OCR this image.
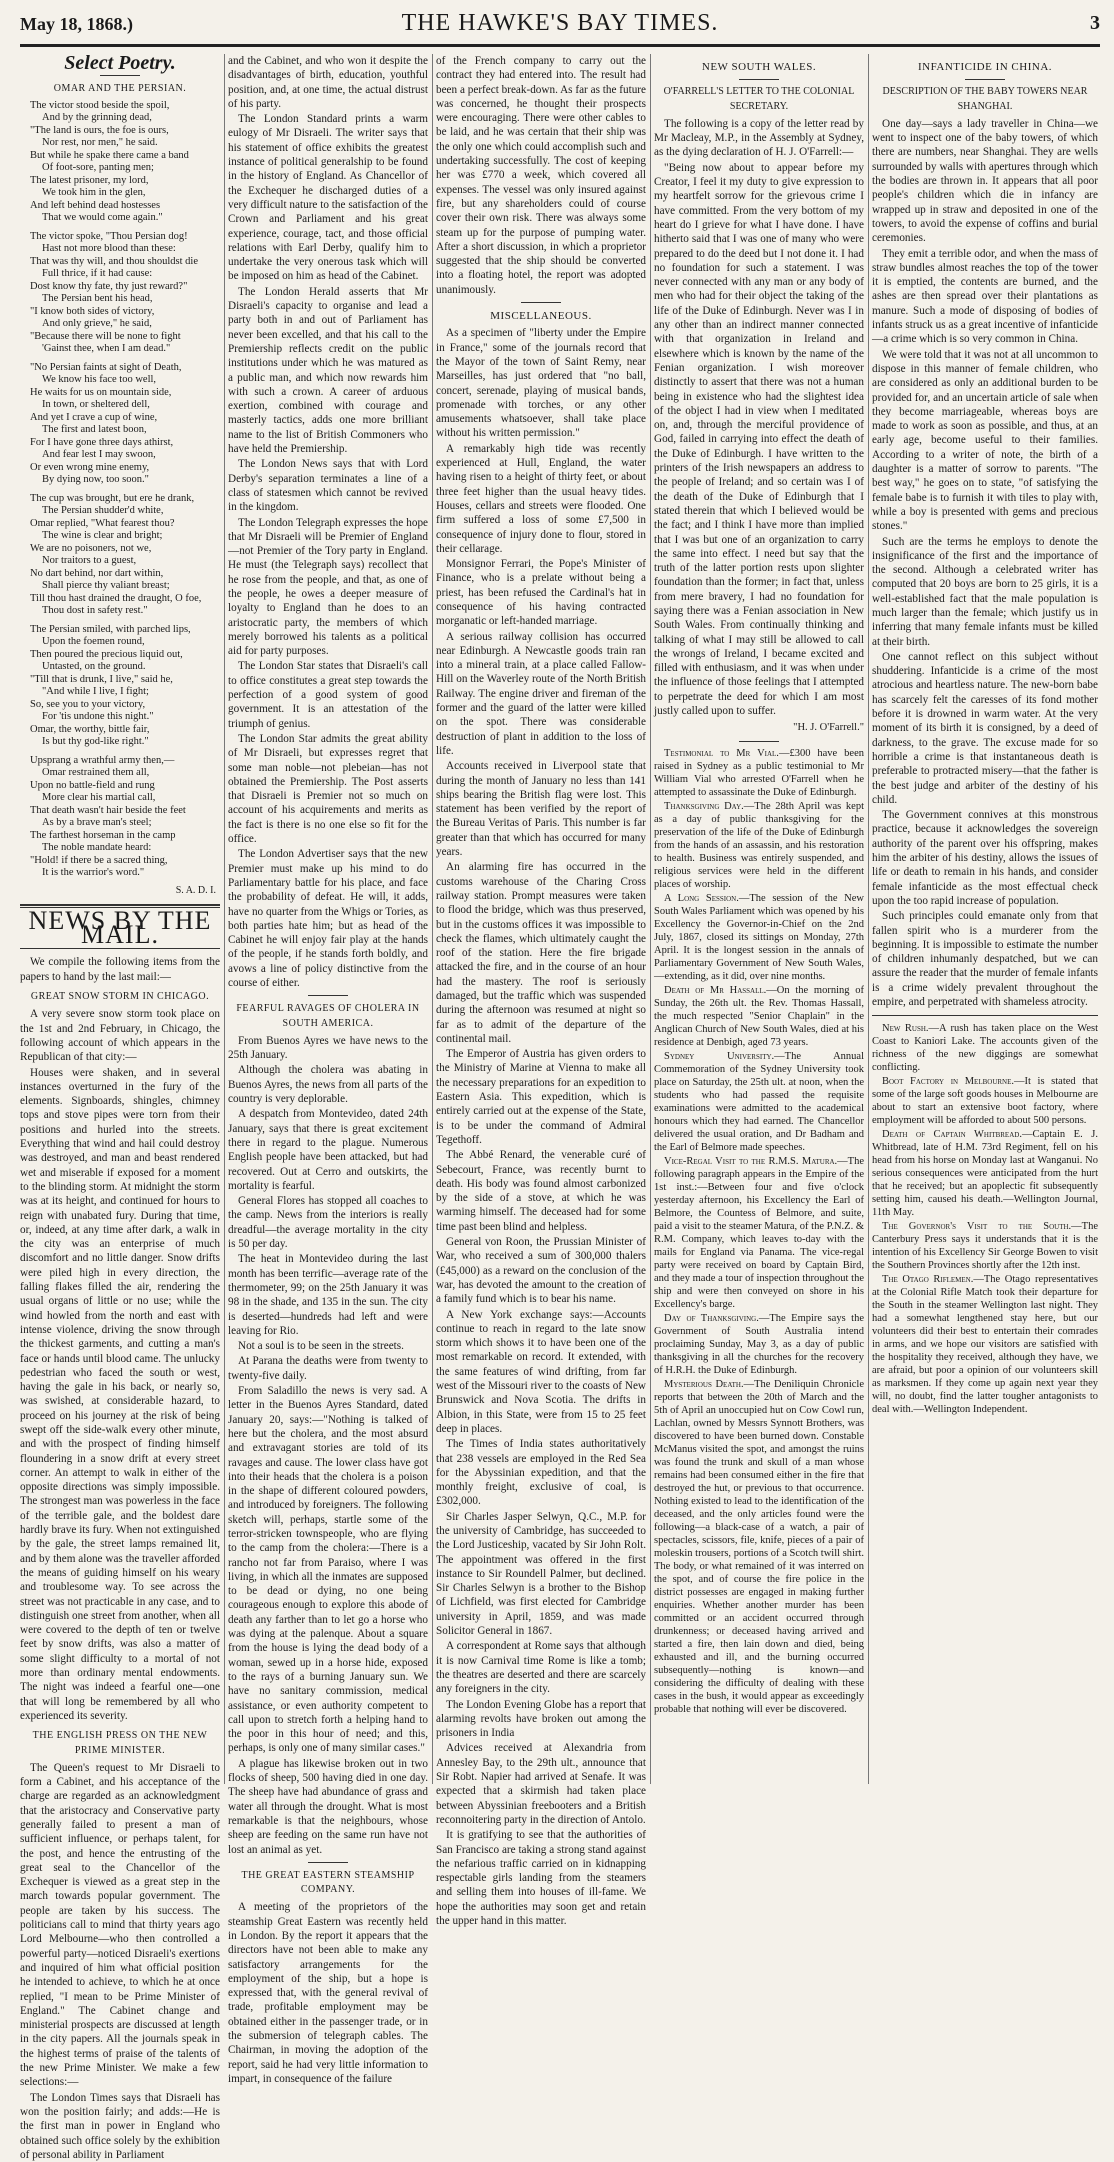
May 18, 1868.)	THE HAWKE'S BAY TIMES.	3
Select Poetry.
OMAR AND THE PERSIAN.
The victor stood beside the spoil,
And by the grinning dead,
"The land is ours, the foe is ours,
Nor rest, nor men," he said.
But while he spake there came a band
Of foot-sore, panting men;
The latest prisoner, my lord,
We took him in the glen,
And left behind dead hostesses
That we would come again."
The victor spoke, "Thou Persian dog!
Hast not more blood than these:
That was thy will, and thou shouldst die
Full thrice, if it had cause:
Dost know thy fate, thy just reward?"
The Persian bent his head,
"I know both sides of victory,
And only grieve," he said,
"Because there will be none to fight
'Gainst thee, when I am dead."
"No Persian faints at sight of Death,
We know his face too well,
He waits for us on mountain side,
In town, or sheltered dell,
And yet I crave a cup of wine,
The first and latest boon,
For I have gone three days athirst,
And fear lest I may swoon,
Or even wrong mine enemy,
By dying now, too soon."
The cup was brought, but ere he drank,
The Persian shudder'd white,
Omar replied, "What fearest thou?
The wine is clear and bright;
We are no poisoners, not we,
Nor traitors to a guest,
No dart behind, nor dart within,
Shall pierce thy valiant breast;
Till thou hast drained the draught, O foe,
Thou dost in safety rest."
The Persian smiled, with parched lips,
Upon the foemen round,
Then poured the precious liquid out,
Untasted, on the ground.
"Till that is drunk, I live," said he,
"And while I live, I fight;
So, see you to your victory,
For 'tis undone this night."
Omar, the worthy, bittle fair,
Is but thy god-like right."
Upsprang a wrathful army then,—
Omar restrained them all,
Upon no battle-field and rung
More clear his martial call,
That death wasn't hair beside the feet
As by a brave man's steel;
The farthest horseman in the camp
The noble mandate heard:
"Hold! if there be a sacred thing,
It is the warrior's word."
S. A. D. I.
NEWS BY THE MAIL.

We compile the following items from the papers to hand by the last mail:—

GREAT SNOW STORM IN CHICAGO.

A very severe snow storm took place on the 1st and 2nd February, in Chicago, the following account of which appears in the Republican of that city:—

Houses were shaken, and in several instances overturned in the fury of the elements. Signboards, shingles, chimney tops and stove pipes were torn from their positions and hurled into the streets. Everything that wind and hail could destroy was destroyed, and man and beast rendered wet and miserable if exposed for a moment to the blinding storm. At midnight the storm was at its height, and continued for hours to reign with unabated fury. During that time, or, indeed, at any time after dark, a walk in the city was an enterprise of much discomfort and no little danger. Snow drifts were piled high in every direction, the falling flakes filled the air, rendering the usual organs of little or no use; while the wind howled from the north and east with intense violence, driving the snow through the thickest garments, and cutting a man's face or hands until blood came. The unlucky pedestrian who faced the south or west, having the gale in his back, or nearly so, was swished, at considerable hazard, to proceed on his journey at the risk of being swept off the side-walk every other minute, and with the prospect of finding himself floundering in a snow drift at every street corner. An attempt to walk in either of the opposite directions was simply impossible. The strongest man was powerless in the face of the terrible gale, and the boldest dare hardly brave its fury. When not extinguished by the gale, the street lamps remained lit, and by them alone was the traveller afforded the means of guiding himself on his weary and troublesome way. To see across the street was not practicable in any case, and to distinguish one street from another, when all were covered to the depth of ten or twelve feet by snow drifts, was also a matter of some slight difficulty to a mortal of not more than ordinary mental endowments. The night was indeed a fearful one—one that will long be remembered by all who experienced its severity.

THE ENGLISH PRESS ON THE NEW PRIME MINISTER.

The Queen's request to Mr Disraeli to form a Cabinet, and his acceptance of the charge are regarded as an acknowledgment that the aristocracy and Conservative party generally failed to present a man of sufficient influence, or perhaps talent, for the post, and hence the entrusting of the great seal to the Chancellor of the Exchequer is viewed as a great step in the march towards popular government. The people are taken by his success. The politicians call to mind that thirty years ago Lord Melbourne—who then controlled a powerful party—noticed Disraeli's exertions and inquired of him what official position he intended to achieve, to which he at once replied, "I mean to be Prime Minister of England." The Cabinet change and ministerial prospects are discussed at length in the city papers. All the journals speak in the highest terms of praise of the talents of the new Prime Minister. We make a few selections:—

The London Times says that Disraeli has won the position fairly; and adds:—He is the first man in power in England who obtained such office solely by the exhibition of personal ability in Parliament

and the Cabinet, and who won it despite the disadvantages of birth, education, youthful position, and, at one time, the actual distrust of his party.

The London Standard prints a warm eulogy of Mr Disraeli. The writer says that his statement of office exhibits the greatest instance of political generalship to be found in the history of England. As Chancellor of the Exchequer he discharged duties of a very difficult nature to the satisfaction of the Crown and Parliament and his great experience, courage, tact, and those official relations with Earl Derby, qualify him to undertake the very onerous task which will be imposed on him as head of the Cabinet.

The London Herald asserts that Mr Disraeli's capacity to organise and lead a party both in and out of Parliament has never been excelled, and that his call to the Premiership reflects credit on the public institutions under which he was matured as a public man, and which now rewards him with such a crown. A career of arduous exertion, combined with courage and masterly tactics, adds one more brilliant name to the list of British Commoners who have held the Premiership.

The London News says that with Lord Derby's separation terminates a line of a class of statesmen which cannot be revived in the kingdom.

The London Telegraph expresses the hope that Mr Disraeli will be Premier of England—not Premier of the Tory party in England. He must (the Telegraph says) recollect that he rose from the people, and that, as one of the people, he owes a deeper measure of loyalty to England than he does to an aristocratic party, the members of which merely borrowed his talents as a political aid for party purposes.

The London Star states that Disraeli's call to office constitutes a great step towards the perfection of a good system of good government. It is an attestation of the triumph of genius.

The London Star admits the great ability of Mr Disraeli, but expresses regret that some man noble—not plebeian—has not obtained the Premiership. The Post asserts that Disraeli is Premier not so much on account of his acquirements and merits as the fact is there is no one else so fit for the office.

The London Advertiser says that the new Premier must make up his mind to do Parliamentary battle for his place, and face the probability of defeat. He will, it adds, have no quarter from the Whigs or Tories, as both parties hate him; but as head of the Cabinet he will enjoy fair play at the hands of the people, if he stands forth boldly, and avows a line of policy distinctive from the course of either.

FEARFUL RAVAGES OF CHOLERA IN SOUTH AMERICA.

From Buenos Ayres we have news to the 25th January.

Although the cholera was abating in Buenos Ayres, the news from all parts of the country is very deplorable.

A despatch from Montevideo, dated 24th January, says that there is great excitement there in regard to the plague. Numerous English people have been attacked, but had recovered. Out at Cerro and outskirts, the mortality is fearful.

General Flores has stopped all coaches to the camp. News from the interiors is really dreadful—the average mortality in the city is 50 per day.

The heat in Montevideo during the last month has been terrific—average rate of the thermometer, 99; on the 25th January it was 98 in the shade, and 135 in the sun. The city is deserted—hundreds had left and were leaving for Rio.

Not a soul is to be seen in the streets.

At Parana the deaths were from twenty to twenty-five daily.

From Saladillo the news is very sad. A letter in the Buenos Ayres Standard, dated January 20, says:—"Nothing is talked of here but the cholera, and the most absurd and extravagant stories are told of its ravages and cause. The lower class have got into their heads that the cholera is a poison in the shape of different coloured powders, and introduced by foreigners. The following sketch will, perhaps, startle some of the terror-stricken townspeople, who are flying to the camp from the cholera:—There is a rancho not far from Paraiso, where I was living, in which all the inmates are supposed to be dead or dying, no one being courageous enough to explore this abode of death any farther than to let go a horse who was dying at the palenque. About a square from the house is lying the dead body of a woman, sewed up in a horse hide, exposed to the rays of a burning January sun. We have no sanitary commission, medical assistance, or even authority competent to call upon to stretch forth a helping hand to the poor in this hour of need; and this, perhaps, is only one of many similar cases."

A plague has likewise broken out in two flocks of sheep, 500 having died in one day. The sheep have had abundance of grass and water all through the drought. What is most remarkable is that the neighbours, whose sheep are feeding on the same run have not lost an animal as yet.

THE GREAT EASTERN STEAMSHIP COMPANY.

A meeting of the proprietors of the steamship Great Eastern was recently held in London. By the report it appears that the directors have not been able to make any satisfactory arrangements for the employment of the ship, but a hope is expressed that, with the general revival of trade, profitable employment may be obtained either in the passenger trade, or in the submersion of telegraph cables. The Chairman, in moving the adoption of the report, said he had very little information to impart, in consequence of the failure

of the French company to carry out the contract they had entered into. The result had been a perfect break-down. As far as the future was concerned, he thought their prospects were encouraging. There were other cables to be laid, and he was certain that their ship was the only one which could accomplish such and undertaking successfully. The cost of keeping her was £770 a week, which covered all expenses. The vessel was only insured against fire, but any shareholders could of course cover their own risk. There was always some steam up for the purpose of pumping water. After a short discussion, in which a proprietor suggested that the ship should be converted into a floating hotel, the report was adopted unanimously.

MISCELLANEOUS.

As a specimen of "liberty under the Empire in France," some of the journals record that the Mayor of the town of Saint Remy, near Marseilles, has just ordered that "no ball, concert, serenade, playing of musical bands, promenade with torches, or any other amusements whatsoever, shall take place without his written permission."

A remarkably high tide was recently experienced at Hull, England, the water having risen to a height of thirty feet, or about three feet higher than the usual heavy tides. Houses, cellars and streets were flooded. One firm suffered a loss of some £7,500 in consequence of injury done to flour, stored in their cellarage.

Monsignor Ferrari, the Pope's Minister of Finance, who is a prelate without being a priest, has been refused the Cardinal's hat in consequence of his having contracted morganatic or left-handed marriage.

A serious railway collision has occurred near Edinburgh. A Newcastle goods train ran into a mineral train, at a place called Fallow-Hill on the Waverley route of the North British Railway. The engine driver and fireman of the former and the guard of the latter were killed on the spot. There was considerable destruction of plant in addition to the loss of life.

Accounts received in Liverpool state that during the month of January no less than 141 ships bearing the British flag were lost. This statement has been verified by the report of the Bureau Veritas of Paris. This number is far greater than that which has occurred for many years.

An alarming fire has occurred in the customs warehouse of the Charing Cross railway station. Prompt measures were taken to flood the bridge, which was thus preserved, but in the customs offices it was impossible to check the flames, which ultimately caught the roof of the station. Here the fire brigade attacked the fire, and in the course of an hour had the mastery. The roof is seriously damaged, but the traffic which was suspended during the afternoon was resumed at night so far as to admit of the departure of the continental mail.

The Emperor of Austria has given orders to the Ministry of Marine at Vienna to make all the necessary preparations for an expedition to Eastern Asia. This expedition, which is entirely carried out at the expense of the State, is to be under the command of Admiral Tegethoff.

The Abbé Renard, the venerable curé of Sebecourt, France, was recently burnt to death. His body was found almost carbonized by the side of a stove, at which he was warming himself. The deceased had for some time past been blind and helpless.

General von Roon, the Prussian Minister of War, who received a sum of 300,000 thalers (£45,000) as a reward on the conclusion of the war, has devoted the amount to the creation of a family fund which is to bear his name.

A New York exchange says:—Accounts continue to reach in regard to the late snow storm which shows it to have been one of the most remarkable on record. It extended, with the same features of wind drifting, from far west of the Missouri river to the coasts of New Brunswick and Nova Scotia. The drifts in Albion, in this State, were from 15 to 25 feet deep in places.

The Times of India states authoritatively that 238 vessels are employed in the Red Sea for the Abyssinian expedition, and that the monthly freight, exclusive of coal, is £302,000.

Sir Charles Jasper Selwyn, Q.C., M.P. for the university of Cambridge, has succeeded to the Lord Justiceship, vacated by Sir John Rolt. The appointment was offered in the first instance to Sir Roundell Palmer, but declined. Sir Charles Selwyn is a brother to the Bishop of Lichfield, was first elected for Cambridge university in April, 1859, and was made Solicitor General in 1867.

A correspondent at Rome says that although it is now Carnival time Rome is like a tomb; the theatres are deserted and there are scarcely any foreigners in the city.

The London Evening Globe has a report that alarming revolts have broken out among the prisoners in India

Advices received at Alexandria from Annesley Bay, to the 29th ult., announce that Sir Robt. Napier had arrived at Senafe. It was expected that a skirmish had taken place between Abyssinian freebooters and a British reconnoitering party in the direction of Antolo.

It is gratifying to see that the authorities of San Francisco are taking a strong stand against the nefarious traffic carried on in kidnapping respectable girls landing from the steamers and selling them into houses of ill-fame. We hope the authorities may soon get and retain the upper hand in this matter.

NEW SOUTH WALES.
O'FARRELL'S LETTER TO THE COLONIAL SECRETARY.

The following is a copy of the letter read by Mr Macleay, M.P., in the Assembly at Sydney, as the dying declaration of H. J. O'Farrell:—

"Being now about to appear before my Creator, I feel it my duty to give expression to my heartfelt sorrow for the grievous crime I have committed. From the very bottom of my heart do I grieve for what I have done. I have hitherto said that I was one of many who were prepared to do the deed but I not done it. I had no foundation for such a statement. I was never connected with any man or any body of men who had for their object the taking of the life of the Duke of Edinburgh. Never was I in any other than an indirect manner connected with that organization in Ireland and elsewhere which is known by the name of the Fenian organization. I wish moreover distinctly to assert that there was not a human being in existence who had the slightest idea of the object I had in view when I meditated on, and, through the merciful providence of God, failed in carrying into effect the death of the Duke of Edinburgh. I have written to the printers of the Irish newspapers an address to the people of Ireland; and so certain was I of the death of the Duke of Edinburgh that I stated therein that which I believed would be the fact; and I think I have more than implied that I was but one of an organization to carry the same into effect. I need but say that the truth of the latter portion rests upon slighter foundation than the former; in fact that, unless from mere bravery, I had no foundation for saying there was a Fenian association in New South Wales. From continually thinking and talking of what I may still be allowed to call the wrongs of Ireland, I became excited and filled with enthusiasm, and it was when under the influence of those feelings that I attempted to perpetrate the deed for which I am most justly called upon to suffer.

"H. J. O'Farrell."

Testimonial to Mr Vial.—£300 have been raised in Sydney as a public testimonial to Mr William Vial who arrested O'Farrell when he attempted to assassinate the Duke of Edinburgh.

Thanksgiving Day.—The 28th April was kept as a day of public thanksgiving for the preservation of the life of the Duke of Edinburgh from the hands of an assassin, and his restoration to health. Business was entirely suspended, and religious services were held in the different places of worship.

A Long Session.—The session of the New South Wales Parliament which was opened by his Excellency the Governor-in-Chief on the 2nd July, 1867, closed its sittings on Monday, 27th April. It is the longest session in the annals of Parliamentary Government of New South Wales,—extending, as it did, over nine months.

Death of Mr Hassall.—On the morning of Sunday, the 26th ult. the Rev. Thomas Hassall, the much respected "Senior Chaplain" in the Anglican Church of New South Wales, died at his residence at Denbigh, aged 73 years.

Sydney University.—The Annual Commemoration of the Sydney University took place on Saturday, the 25th ult. at noon, when the students who had passed the requisite examinations were admitted to the academical honours which they had earned. The Chancellor delivered the usual oration, and Dr Badham and the Earl of Belmore made speeches.

Vice-Regal Visit to the R.M.S. Matura.—The following paragraph appears in the Empire of the 1st inst.:—Between four and five o'clock yesterday afternoon, his Excellency the Earl of Belmore, the Countess of Belmore, and suite, paid a visit to the steamer Matura, of the P.N.Z. & R.M. Company, which leaves to-day with the mails for England via Panama. The vice-regal party were received on board by Captain Bird, and they made a tour of inspection throughout the ship and were then conveyed on shore in his Excellency's barge.

Day of Thanksgiving.—The Empire says the Government of South Australia intend proclaiming Sunday, May 3, as a day of public thanksgiving in all the churches for the recovery of H.R.H. the Duke of Edinburgh.

Mysterious Death.—The Deniliquin Chronicle reports that between the 20th of March and the 5th of April an unoccupied hut on Cow Cowl run, Lachlan, owned by Messrs Synnott Brothers, was discovered to have been burned down. Constable McManus visited the spot, and amongst the ruins was found the trunk and skull of a man whose remains had been consumed either in the fire that destroyed the hut, or previous to that occurrence. Nothing existed to lead to the identification of the deceased, and the only articles found were the following—a black-case of a watch, a pair of spectacles, scissors, file, knife, pieces of a pair of moleskin trousers, portions of a Scotch twill shirt. The body, or what remained of it was interred on the spot, and of course the fire police in the district possesses are engaged in making further enquiries. Whether another murder has been committed or an accident occurred through drunkenness; or deceased having arrived and started a fire, then lain down and died, being exhausted and ill, and the burning occurred subsequently—nothing is known—and considering the difficulty of dealing with these cases in the bush, it would appear as exceedingly probable that nothing will ever be discovered.

INFANTICIDE IN CHINA.
DESCRIPTION OF THE BABY TOWERS NEAR SHANGHAI.

One day—says a lady traveller in China—we went to inspect one of the baby towers, of which there are numbers, near Shanghai. They are wells surrounded by walls with apertures through which the bodies are thrown in. It appears that all poor people's children which die in infancy are wrapped up in straw and deposited in one of the towers, to avoid the expense of coffins and burial ceremonies.

They emit a terrible odor, and when the mass of straw bundles almost reaches the top of the tower it is emptied, the contents are burned, and the ashes are then spread over their plantations as manure. Such a mode of disposing of bodies of infants struck us as a great incentive of infanticide—a crime which is so very common in China.

We were told that it was not at all uncommon to dispose in this manner of female children, who are considered as only an additional burden to be provided for, and an uncertain article of sale when they become marriageable, whereas boys are made to work as soon as possible, and thus, at an early age, become useful to their families. According to a writer of note, the birth of a daughter is a matter of sorrow to parents. "The best way," he goes on to state, "of satisfying the female babe is to furnish it with tiles to play with, while a boy is presented with gems and precious stones."

Such are the terms he employs to denote the insignificance of the first and the importance of the second. Although a celebrated writer has computed that 20 boys are born to 25 girls, it is a well-established fact that the male population is much larger than the female; which justify us in inferring that many female infants must be killed at their birth.

One cannot reflect on this subject without shuddering. Infanticide is a crime of the most atrocious and heartless nature. The new-born babe has scarcely felt the caresses of its fond mother before it is drowned in warm water. At the very moment of its birth it is consigned, by a deed of darkness, to the grave. The excuse made for so horrible a crime is that instantaneous death is preferable to protracted misery—that the father is the best judge and arbiter of the destiny of his child.

The Government connives at this monstrous practice, because it acknowledges the sovereign authority of the parent over his offspring, makes him the arbiter of his destiny, allows the issues of life or death to remain in his hands, and consider female infanticide as the most effectual check upon the too rapid increase of population.

Such principles could emanate only from that fallen spirit who is a murderer from the beginning. It is impossible to estimate the number of children inhumanly despatched, but we can assure the reader that the murder of female infants is a crime widely prevalent throughout the empire, and perpetrated with shameless atrocity.

New Rush.—A rush has taken place on the West Coast to Kaniori Lake. The accounts given of the richness of the new diggings are somewhat conflicting.

Boot Factory in Melbourne.—It is stated that some of the large soft goods houses in Melbourne are about to start an extensive boot factory, where employment will be afforded to about 500 persons.

Death of Captain Whitbread.—Captain E. J. Whitbread, late of H.M. 73rd Regiment, fell on his head from his horse on Monday last at Wanganui. No serious consequences were anticipated from the hurt that he received; but an apoplectic fit subsequently setting him, caused his death.—Wellington Journal, 11th May.

The Governor's Visit to the South.—The Canterbury Press says it understands that it is the intention of his Excellency Sir George Bowen to visit the Southern Provinces shortly after the 12th inst.

The Otago Riflemen.—The Otago representatives at the Colonial Rifle Match took their departure for the South in the steamer Wellington last night. They had a somewhat lengthened stay here, but our volunteers did their best to entertain their comrades in arms, and we hope our visitors are satisfied with the hospitality they received, although they have, we are afraid, but poor a opinion of our volunteers skill as marksmen. If they come up again next year they will, no doubt, find the latter tougher antagonists to deal with.—Wellington Independent.
